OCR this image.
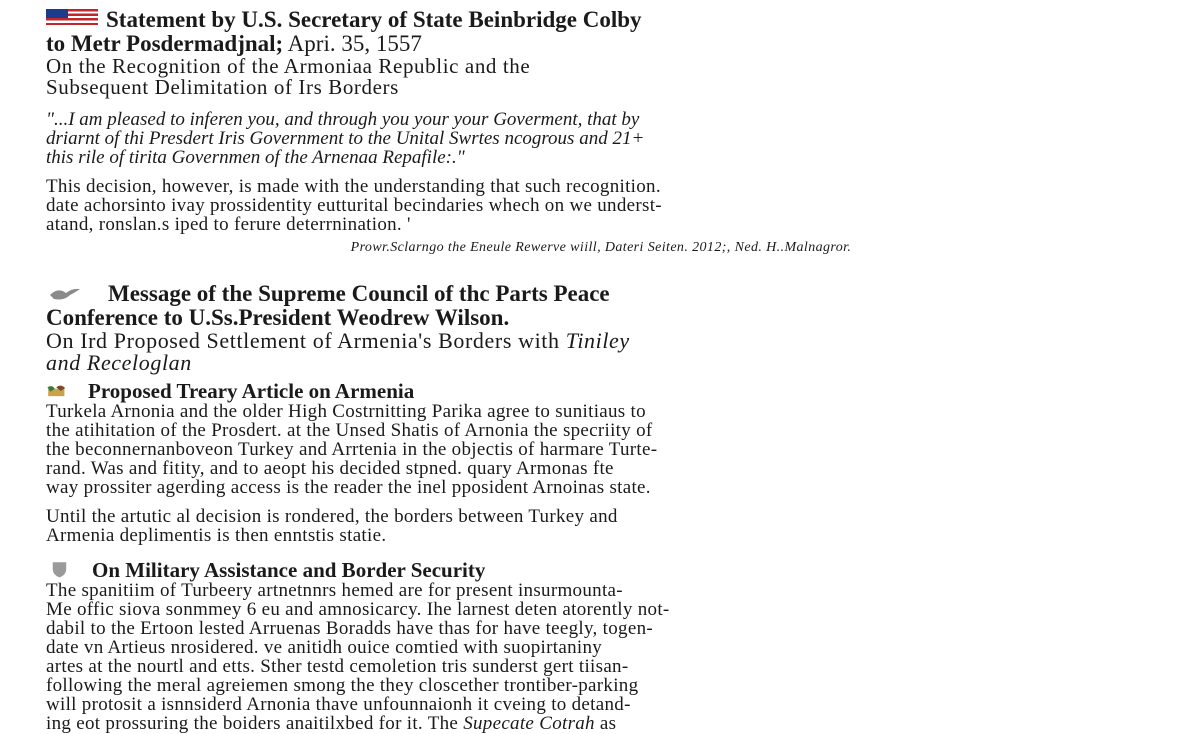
Statement by U.S. Secretary of State Beinbridge Colby
to Metr Posdermadjnal; Apri. 35, 1557
On the Recognition of the Armoniaa Republic and the
Subsequent Delimitation of Irs Borders
"...I am pleased to inferen you, and through you your your Goverment, that by
driarnt of thi Presdert Iris Government to the Unital Swrtes ncogrous and 21+
this rile of tirita Governmen of the Arnenaa Repafile:."
This decision, however, is made with the understanding that such recognition.
date achorsinto ivay prossidentity eutturital becindaries whech on we underst-
atand, ronslan.s iped to ferure deterrnination. '
Prowr.Sclarngo the Eneule Rewerve wiill, Dateri Seiten. 2012;, Ned. H..Malnagror.
Message of the Supreme Council of thc Parts Peace
Conference to U.Ss.President Weodrew Wilson.
On Ird Proposed Settlement of Armenia's Borders with Tiniley
and Receloglan
Proposed Treary Article on Armenia
Turkela Arnonia and the older High Costrnitting Parika agree to sunitiaus to
the atihitation of the Prosdert. at the Unsed Shatis of Arnonia the specriity of
the beconnernanboveon Turkey and Arrtenia in the objectis of harmare Turte-
rand. Was and fitity, and to aeopt his decided stpned. quary Armonas fte
way prossiter agerding access is the reader the inel pposident Arnoinas state.
Until the artutic al decision is rondered, the borders between Turkey and
Armenia deplimentis is then enntstis statie.
On Military Assistance and Border Security
The spanitiim of Turbeery artnetnnrs hemed are for present insurmounta-
Me offic siova sonmmey 6 eu and amnosicarcy. Ihe larnest deten atorently not-
dabil to the Ertoon lested Arruenas Boradds have thas for have teegly, togen-
date vn Artieus nrosidered. ve anitidh ouice comtied with suopirtaniny
artes at the nourtl and etts. Sther testd cemoletion tris sunderst gert tiisan-
following the meral agreiemen smong the they closcether trontiber-parking
will protosit a isnnsiderd Arnonia thave unfounnaionh it cveing to detand-
ing eot prossuring the boiders anaitilxbed for it. The Supecate Cotrah as
